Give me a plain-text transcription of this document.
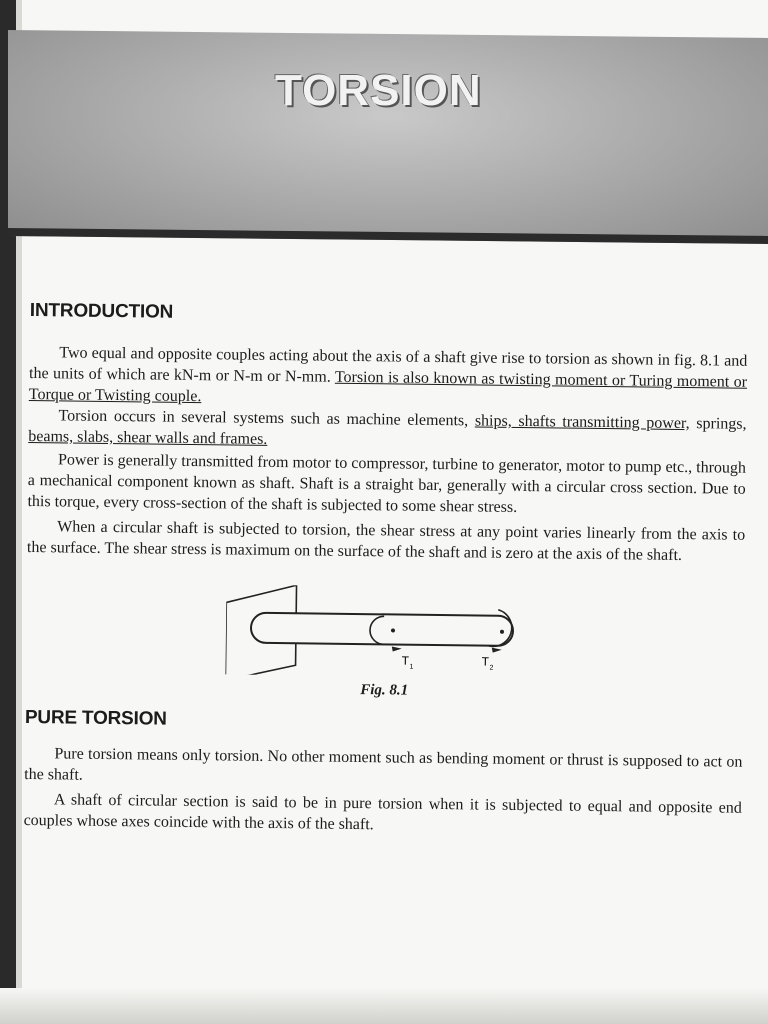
TORSION
INTRODUCTION

Two equal and opposite couples acting about the axis of a shaft give rise to torsion as shown in fig. 8.1 and the units of which are kN-m or N-m or N-mm. Torsion is also known as twisting moment or Turing moment or Torque or Twisting couple.

Torsion occurs in several systems such as machine elements, ships, shafts transmitting power, springs, beams, slabs, shear walls and frames.

Power is generally transmitted from motor to compressor, turbine to generator, motor to pump etc., through a mechanical component known as shaft. Shaft is a straight bar, generally with a circular cross section. Due to this torque, every cross-section of the shaft is subjected to some shear stress.

When a circular shaft is subjected to torsion, the shear stress at any point varies linearly from the axis to the surface. The shear stress is maximum on the surface of the shaft and is zero at the axis of the shaft.

T 1	T 2
Fig. 8.1
PURE TORSION

Pure torsion means only torsion. No other moment such as bending moment or thrust is supposed to act on the shaft.

A shaft of circular section is said to be in pure torsion when it is subjected to equal and opposite end couples whose axes coincide with the axis of the shaft.
